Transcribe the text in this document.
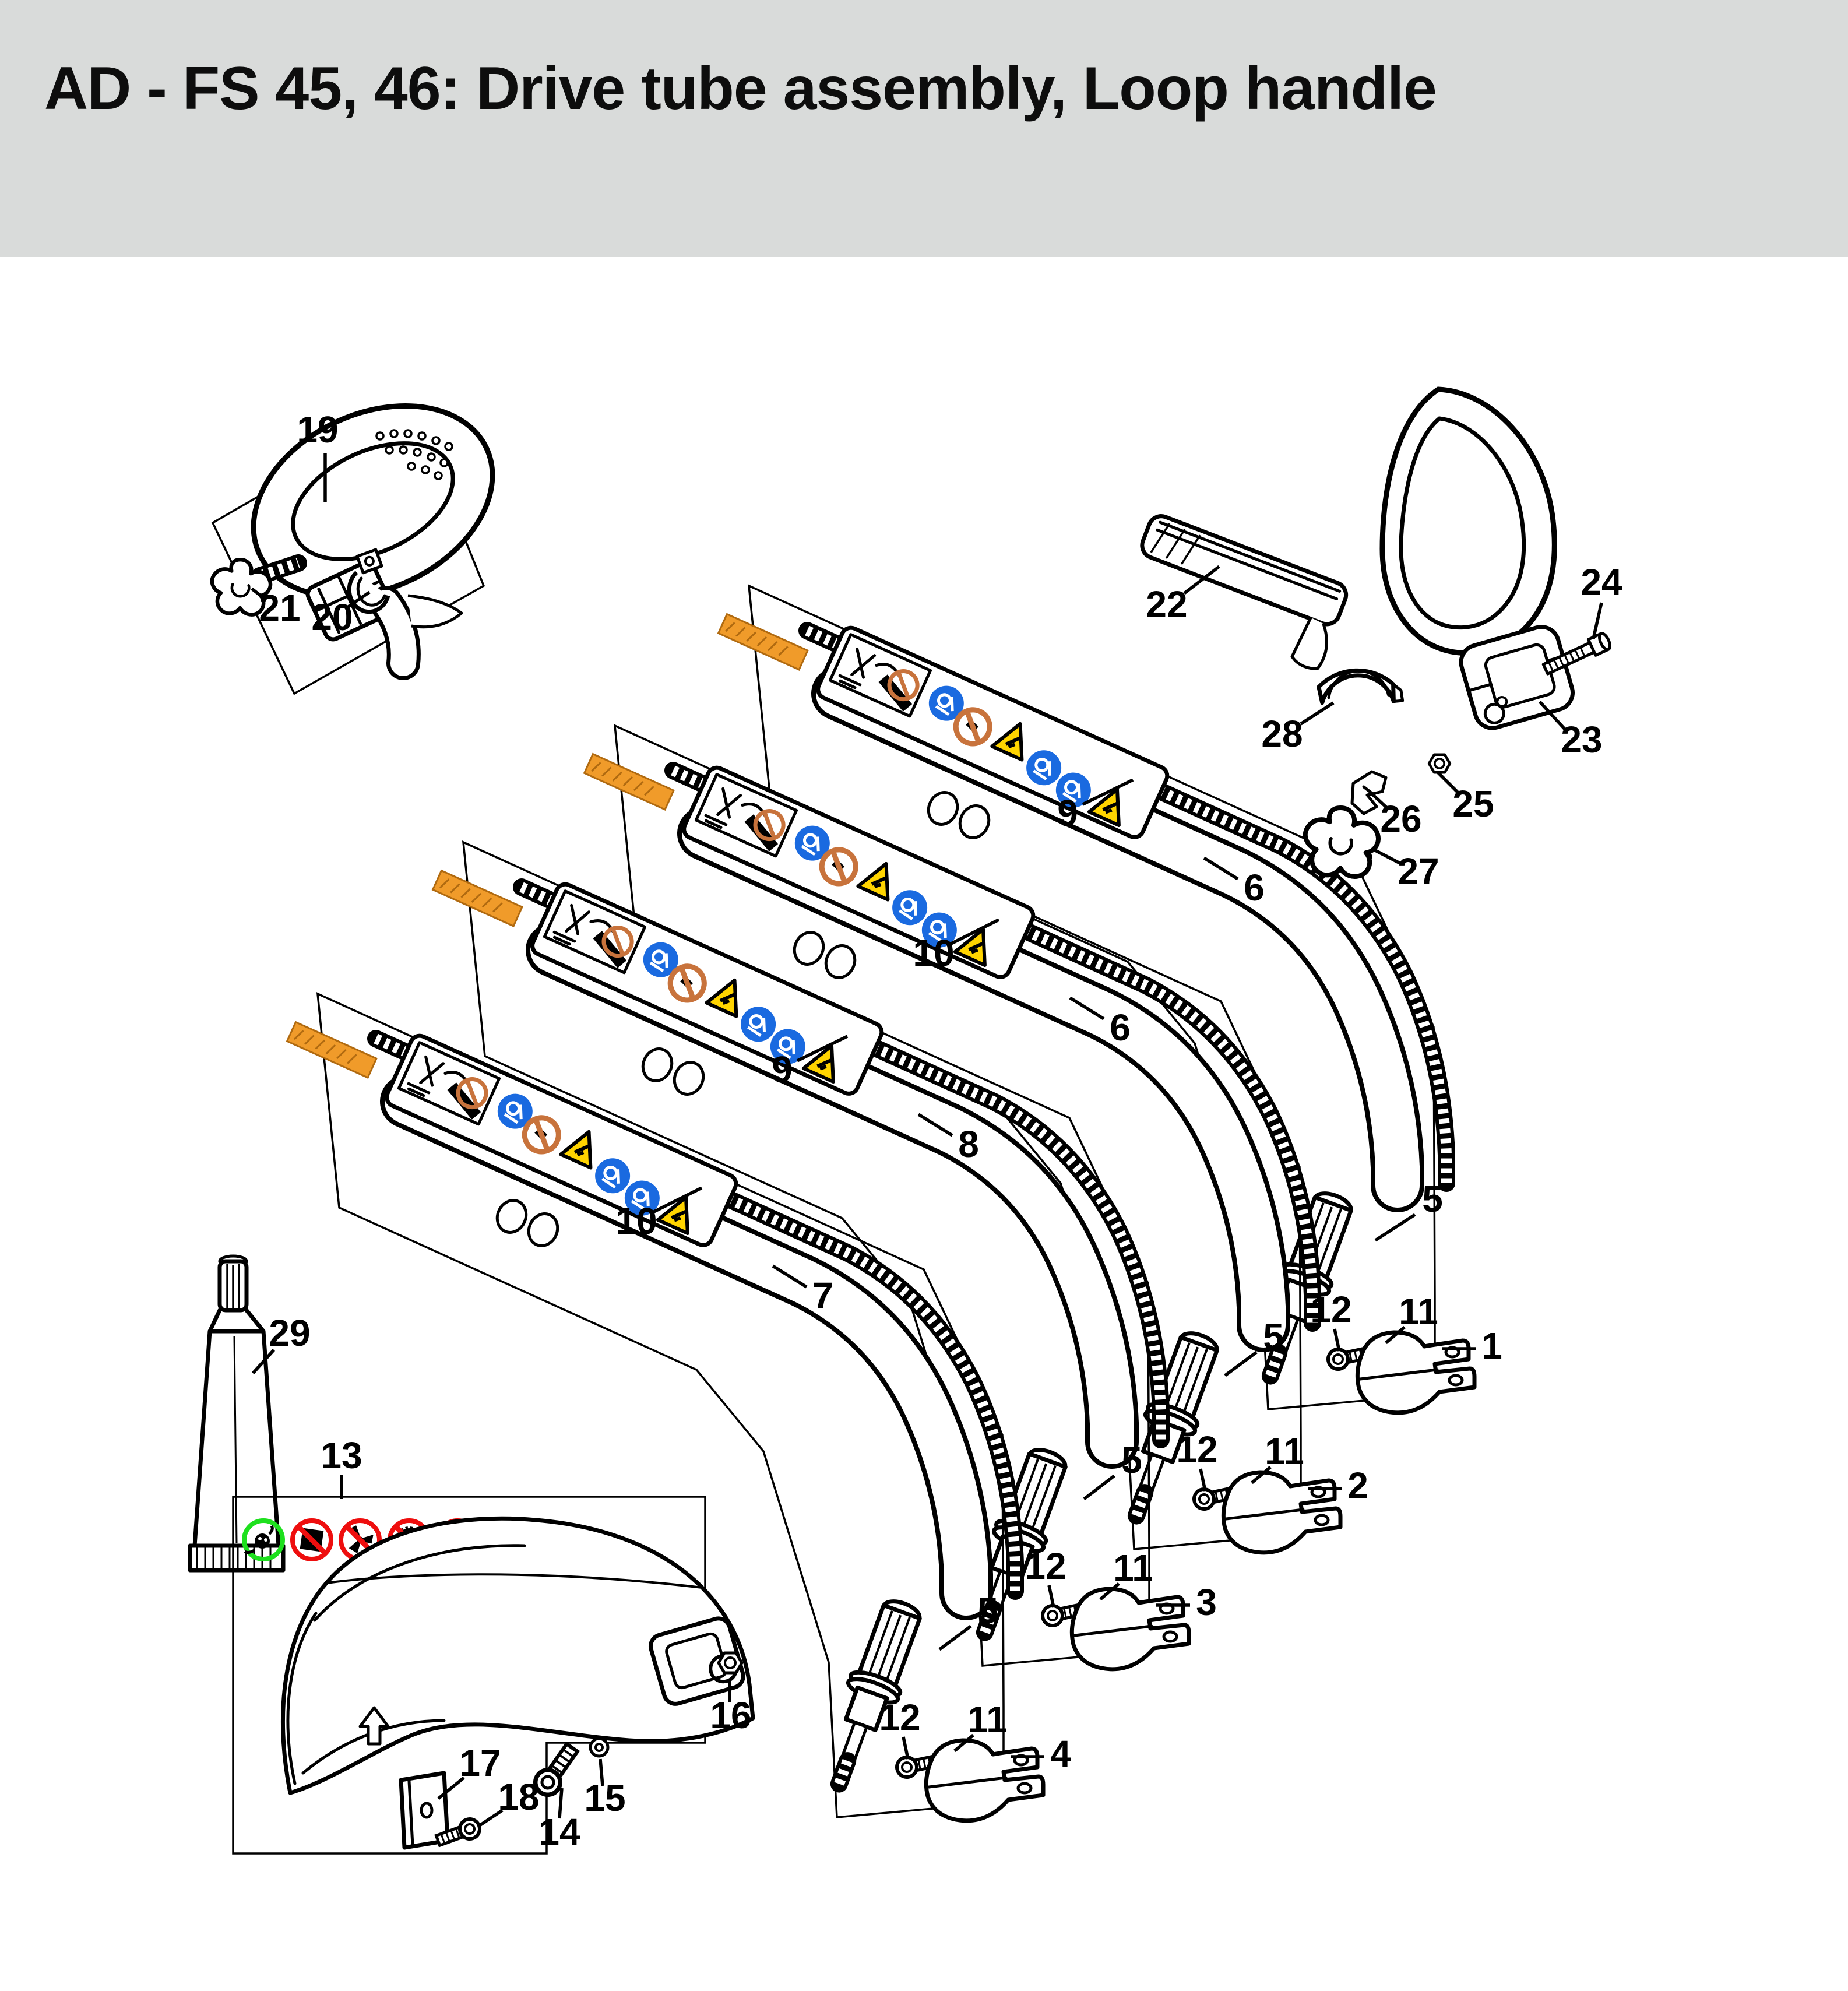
19
21 20	22
24
23
28
25
26
27
9
6
10
6
9
8
10
7
29
13
17
18
14
15
16
5
12 11
1
5
12 11
2
5
12 11
3
5
12 11
4
AD - FS 45, 46: Drive tube assembly, Loop handle
